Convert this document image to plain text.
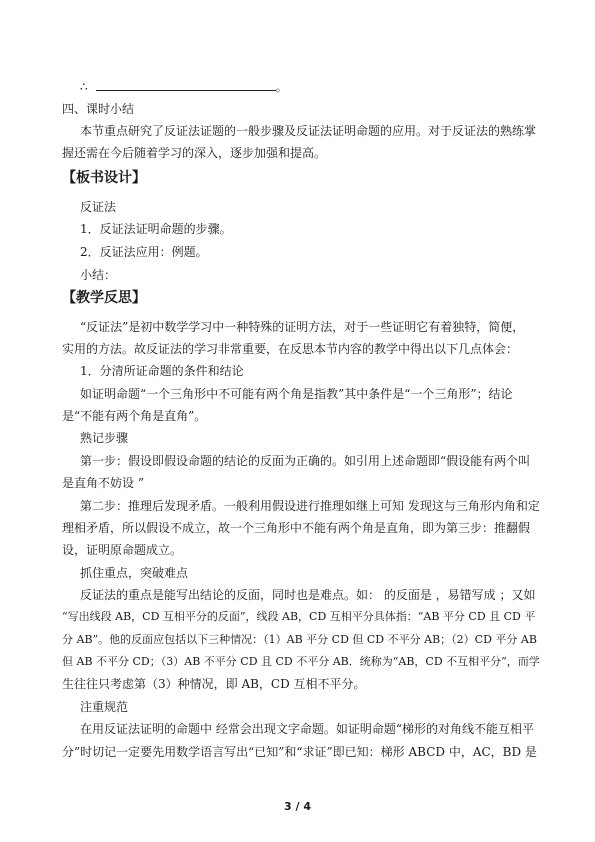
∴	。
四、课时小结
本节重点研究了反证法证题的一般步骤及反证法证明命题的应用。对于反证法的熟练掌
握还需在今后随着学习的深入，逐步加强和提高。
【板书设计】
反证法
1．反证法证明命题的步骤。
2．反证法应用：例题。
小结：
【教学反思】
“反证法”是初中数学学习中一种特殊的证明方法，对于一些证明它有着独特，简便，
实用的方法。故反证法的学习非常重要，在反思本节内容的教学中得出以下几点体会：
1．分清所证命题的条件和结论
如证明命题“一个三角形中不可能有两个角是指教”其中条件是“一个三角形”；结论
是“不能有两个角是直角”。
熟记步骤
第一步：假设即假设命题的结论的反面为正确的。如引用上述命题即“假设能有两个叫
是直角不妨设 ”
第二步：推理后发现矛盾。一般利用假设进行推理如继上可知 发现这与三角形内角和定
理相矛盾，所以假设不成立，故一个三角形中不能有两个角是直角，即为第三步：推翻假
设，证明原命题成立。
抓住重点，突破难点
反证法的重点是能写出结论的反面，同时也是难点。如： 的反面是 ，易错写成 ；又如
“写出线段 AB，CD 互相平分的反面”，线段 AB，CD 互相平分具体指：“AB 平分 CD 且 CD 平
分 AB”。他的反面应包括以下三种情况：（1）AB 平分 CD 但 CD 不平分 AB；（2）CD 平分 AB
但 AB 不平分 CD；（3）AB 不平分 CD 且 CD 不平分 AB．统称为“AB，CD 不互相平分”，而学
生往往只考虑第（3）种情况，即 AB，CD 互相不平分。
注重规范
在用反证法证明的命题中 经常会出现文字命题。如证明命题“梯形的对角线不能互相平
分”时切记一定要先用数学语言写出“已知”和“求证”即已知：梯形 ABCD 中，AC，BD 是
3 / 4
